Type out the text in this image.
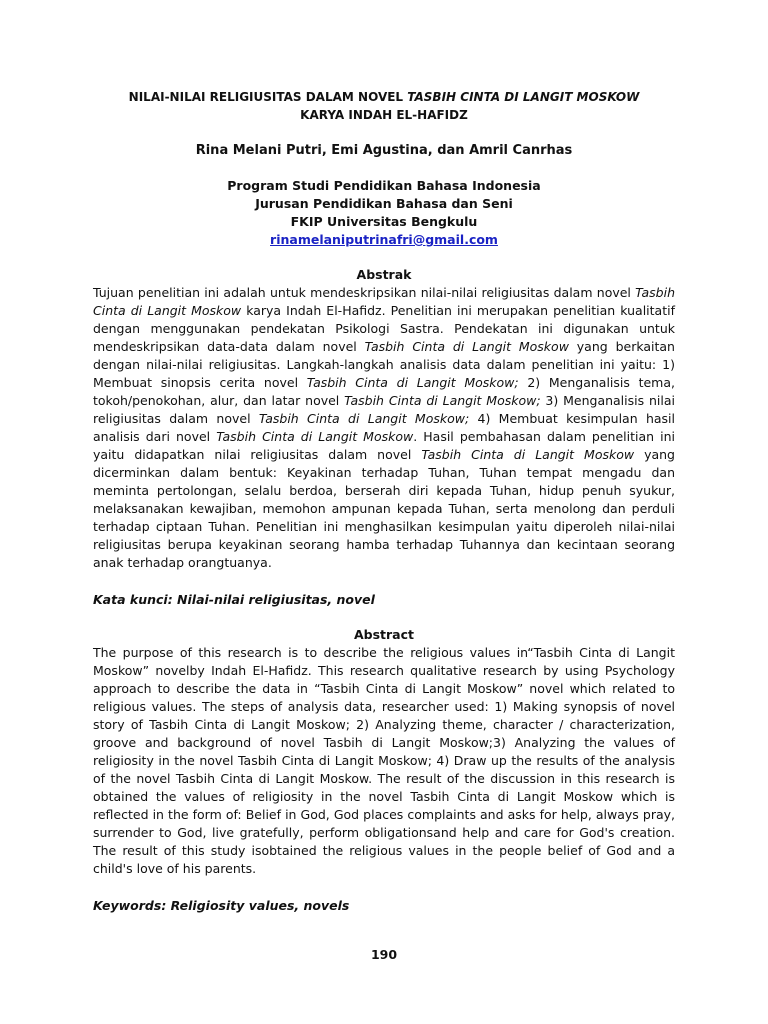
NILAI-NILAI RELIGIUSITAS DALAM NOVEL TASBIH CINTA DI LANGIT MOSKOW
KARYA INDAH EL-HAFIDZ
Rina Melani Putri, Emi Agustina, dan Amril Canrhas
Program Studi Pendidikan Bahasa Indonesia
Jurusan Pendidikan Bahasa dan Seni
FKIP Universitas Bengkulu
rinamelaniputrinafri@gmail.com
Abstrak
Tujuan penelitian ini adalah untuk mendeskripsikan nilai-nilai religiusitas dalam novel Tasbih Cinta di Langit Moskow karya Indah El-Hafidz. Penelitian ini merupakan penelitian kualitatif dengan menggunakan pendekatan Psikologi Sastra. Pendekatan ini digunakan untuk mendeskripsikan data-data dalam novel Tasbih Cinta di Langit Moskow yang berkaitan dengan nilai-nilai religiusitas. Langkah-langkah analisis data dalam penelitian ini yaitu: 1) Membuat sinopsis cerita novel Tasbih Cinta di Langit Moskow; 2) Menganalisis tema, tokoh/penokohan, alur, dan latar novel Tasbih Cinta di Langit Moskow; 3) Menganalisis nilai religiusitas dalam novel Tasbih Cinta di Langit Moskow; 4) Membuat kesimpulan hasil analisis dari novel Tasbih Cinta di Langit Moskow. Hasil pembahasan dalam penelitian ini yaitu didapatkan nilai religiusitas dalam novel Tasbih Cinta di Langit Moskow yang dicerminkan dalam bentuk: Keyakinan terhadap Tuhan, Tuhan tempat mengadu dan meminta pertolongan, selalu berdoa, berserah diri kepada Tuhan, hidup penuh syukur, melaksanakan kewajiban, memohon ampunan kepada Tuhan, serta menolong dan perduli terhadap ciptaan Tuhan. Penelitian ini menghasilkan kesimpulan yaitu diperoleh nilai-nilai religiusitas berupa keyakinan seorang hamba terhadap Tuhannya dan kecintaan seorang anak terhadap orangtuanya.
Kata kunci: Nilai-nilai religiusitas, novel
Abstract
The purpose of this research is to describe the religious values in“Tasbih Cinta di Langit Moskow” novelby Indah El-Hafidz. This research qualitative research by using Psychology approach to describe the data in “Tasbih Cinta di Langit Moskow” novel which related to religious values. The steps of analysis data, researcher used: 1) Making synopsis of novel story of Tasbih Cinta di Langit Moskow; 2) Analyzing theme, character / characterization, groove and background of novel Tasbih di Langit Moskow;3) Analyzing the values of religiosity in the novel Tasbih Cinta di Langit Moskow; 4) Draw up the results of the analysis of the novel Tasbih Cinta di Langit Moskow. The result of the discussion in this research is obtained the values of religiosity in the novel Tasbih Cinta di Langit Moskow which is reflected in the form of: Belief in God, God places complaints and asks for help, always pray, surrender to God, live gratefully, perform obligationsand help and care for God's creation. The result of this study isobtained the religious values in the people belief of God and a child's love of his parents.
Keywords: Religiosity values, novels
190
